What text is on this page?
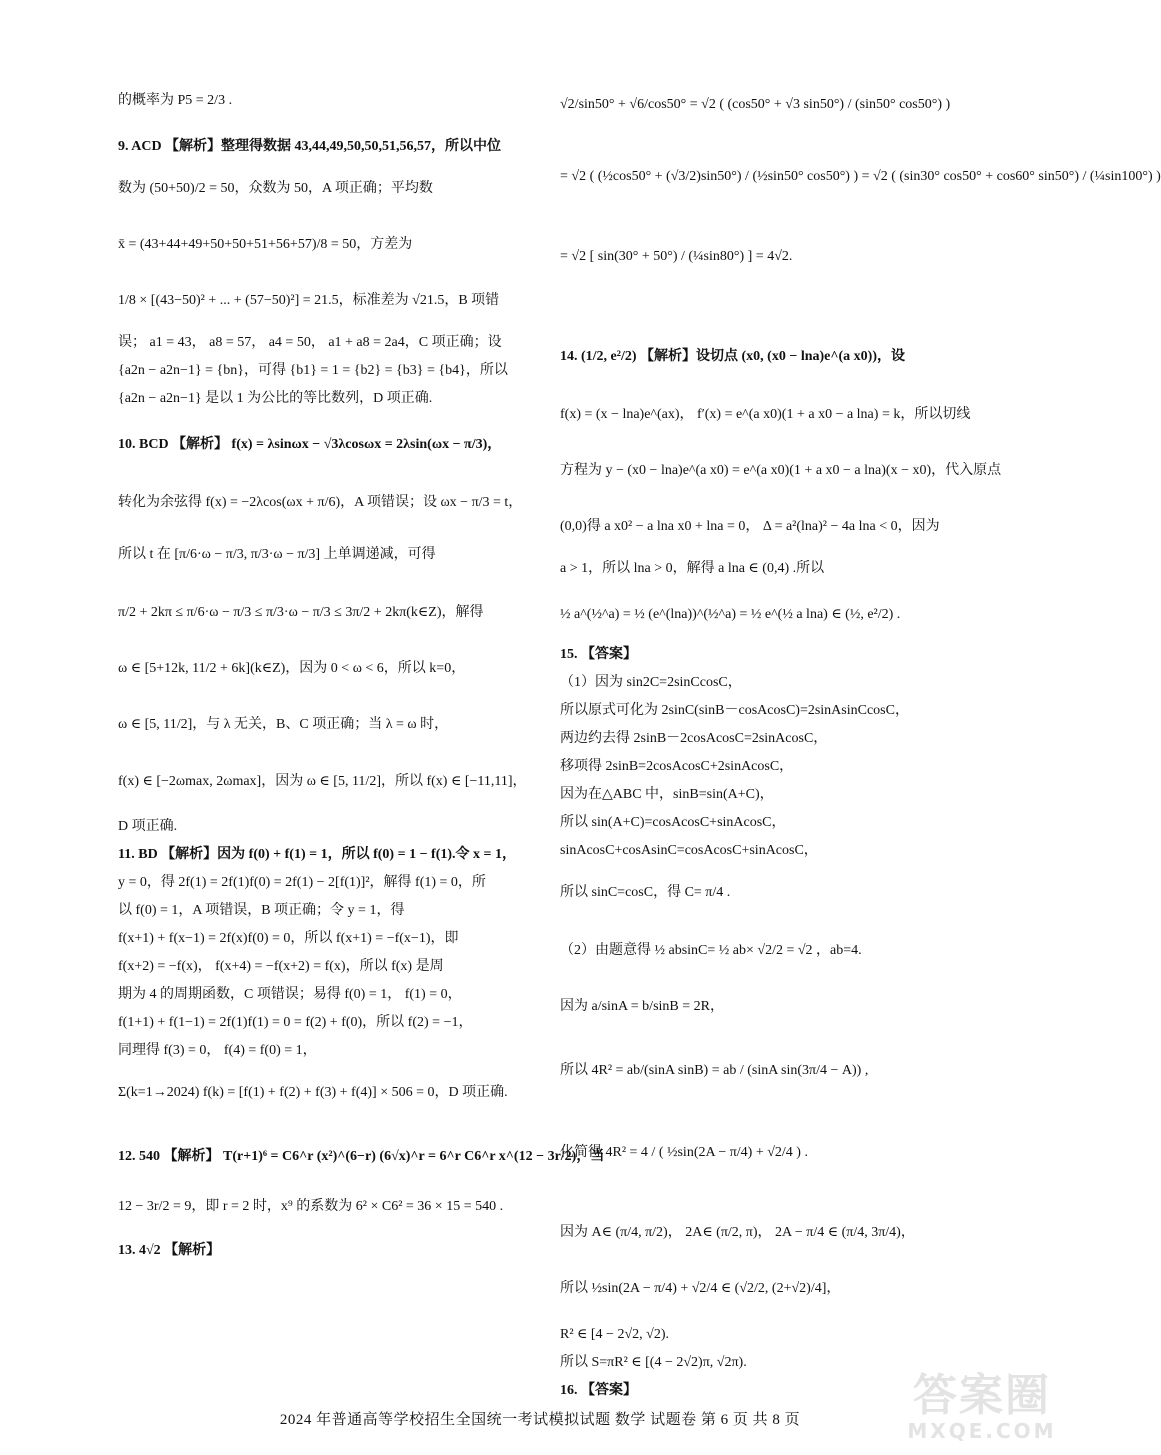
的概率为 P5 = 2/3 .
9. ACD 【解析】整理得数据 43,44,49,50,50,51,56,57，所以中位
数为 (50+50)/2 = 50，众数为 50，A 项正确；平均数
x̄ = (43+44+49+50+50+51+56+57)/8 = 50，方差为
1/8 × [(43−50)² + ... + (57−50)²] = 21.5，标准差为 √21.5，B 项错
误； a1 = 43， a8 = 57， a4 = 50， a1 + a8 = 2a4，C 项正确；设
{a2n − a2n−1} = {bn}，可得 {b1} = 1 = {b2} = {b3} = {b4}，所以
{a2n − a2n−1} 是以 1 为公比的等比数列，D 项正确.
10. BCD 【解析】 f(x) = λsinωx − √3λcosωx = 2λsin(ωx − π/3)，
转化为余弦得 f(x) = −2λcos(ωx + π/6)，A 项错误；设 ωx − π/3 = t，
所以 t 在 [π/6·ω − π/3, π/3·ω − π/3] 上单调递减，可得
π/2 + 2kπ ≤ π/6·ω − π/3 ≤ π/3·ω − π/3 ≤ 3π/2 + 2kπ(k∈Z)，解得
ω ∈ [5+12k, 11/2 + 6k](k∈Z)，因为 0 < ω < 6，所以 k=0，
ω ∈ [5, 11/2]，与 λ 无关，B、C 项正确；当 λ = ω 时，
f(x) ∈ [−2ωmax, 2ωmax]，因为 ω ∈ [5, 11/2]，所以 f(x) ∈ [−11,11]，
D 项正确.
11. BD 【解析】因为 f(0) + f(1) = 1，所以 f(0) = 1 − f(1).令 x = 1，
y = 0，得 2f(1) = 2f(1)f(0) = 2f(1) − 2[f(1)]²，解得 f(1) = 0，所
以 f(0) = 1，A 项错误，B 项正确；令 y = 1，得
f(x+1) + f(x−1) = 2f(x)f(0) = 0，所以 f(x+1) = −f(x−1)，即
f(x+2) = −f(x)， f(x+4) = −f(x+2) = f(x)，所以 f(x) 是周
期为 4 的周期函数，C 项错误；易得 f(0) = 1， f(1) = 0，
f(1+1) + f(1−1) = 2f(1)f(1) = 0 = f(2) + f(0)，所以 f(2) = −1，
同理得 f(3) = 0， f(4) = f(0) = 1，
Σ(k=1→2024) f(k) = [f(1) + f(2) + f(3) + f(4)] × 506 = 0，D 项正确.
12. 540 【解析】 T(r+1)⁶ = C6^r (x²)^(6−r) (6√x)^r = 6^r C6^r x^(12 − 3r/2)，当
12 − 3r/2 = 9，即 r = 2 时，x⁹ 的系数为 6² × C6² = 36 × 15 = 540 .
13. 4√2 【解析】
√2/sin50° + √6/cos50° = √2 ( (cos50° + √3 sin50°) / (sin50° cos50°) )
= √2 ( (½cos50° + (√3/2)sin50°) / (½sin50° cos50°) ) = √2 ( (sin30° cos50° + cos60° sin50°) / (¼sin100°) )
= √2 [ sin(30° + 50°) / (¼sin80°) ] = 4√2.
14. (1/2, e²/2) 【解析】设切点 (x0, (x0 − lna)e^(a x0))，设
f(x) = (x − lna)e^(ax)， f′(x) = e^(a x0)(1 + a x0 − a lna) = k，所以切线
方程为 y − (x0 − lna)e^(a x0) = e^(a x0)(1 + a x0 − a lna)(x − x0)，代入原点
(0,0)得 a x0² − a lna x0 + lna = 0， Δ = a²(lna)² − 4a lna < 0，因为
a > 1，所以 lna > 0，解得 a lna ∈ (0,4) .所以
½ a^(½^a) = ½ (e^(lna))^(½^a) = ½ e^(½ a lna) ∈ (½, e²/2) .
15. 【答案】
（1）因为 sin2C=2sinCcosC，
所以原式可化为 2sinC(sinB－cosAcosC)=2sinAsinCcosC，
两边约去得 2sinB－2cosAcosC=2sinAcosC，
移项得 2sinB=2cosAcosC+2sinAcosC，
因为在△ABC 中，sinB=sin(A+C)，
所以 sin(A+C)=cosAcosC+sinAcosC，
sinAcosC+cosAsinC=cosAcosC+sinAcosC，
所以 sinC=cosC，得 C= π/4 .
（2）由题意得 ½ absinC= ½ ab× √2/2 = √2 ，ab=4.
因为 a/sinA = b/sinB = 2R，
所以 4R² = ab/(sinA sinB) = ab / (sinA sin(3π/4 − A)) ,
化简得 4R² = 4 / ( ½sin(2A − π/4) + √2/4 ) .
因为 A∈ (π/4, π/2)， 2A∈ (π/2, π)， 2A − π/4 ∈ (π/4, 3π/4)，
所以 ½sin(2A − π/4) + √2/4 ∈ (√2/2, (2+√2)/4]，
R² ∈ [4 − 2√2, √2).
所以 S=πR² ∈ [(4 − 2√2)π, √2π).
16. 【答案】
2024 年普通高等学校招生全国统一考试模拟试题 数学 试题卷 第 6 页 共 8 页	答案圈
MXQE.COM
